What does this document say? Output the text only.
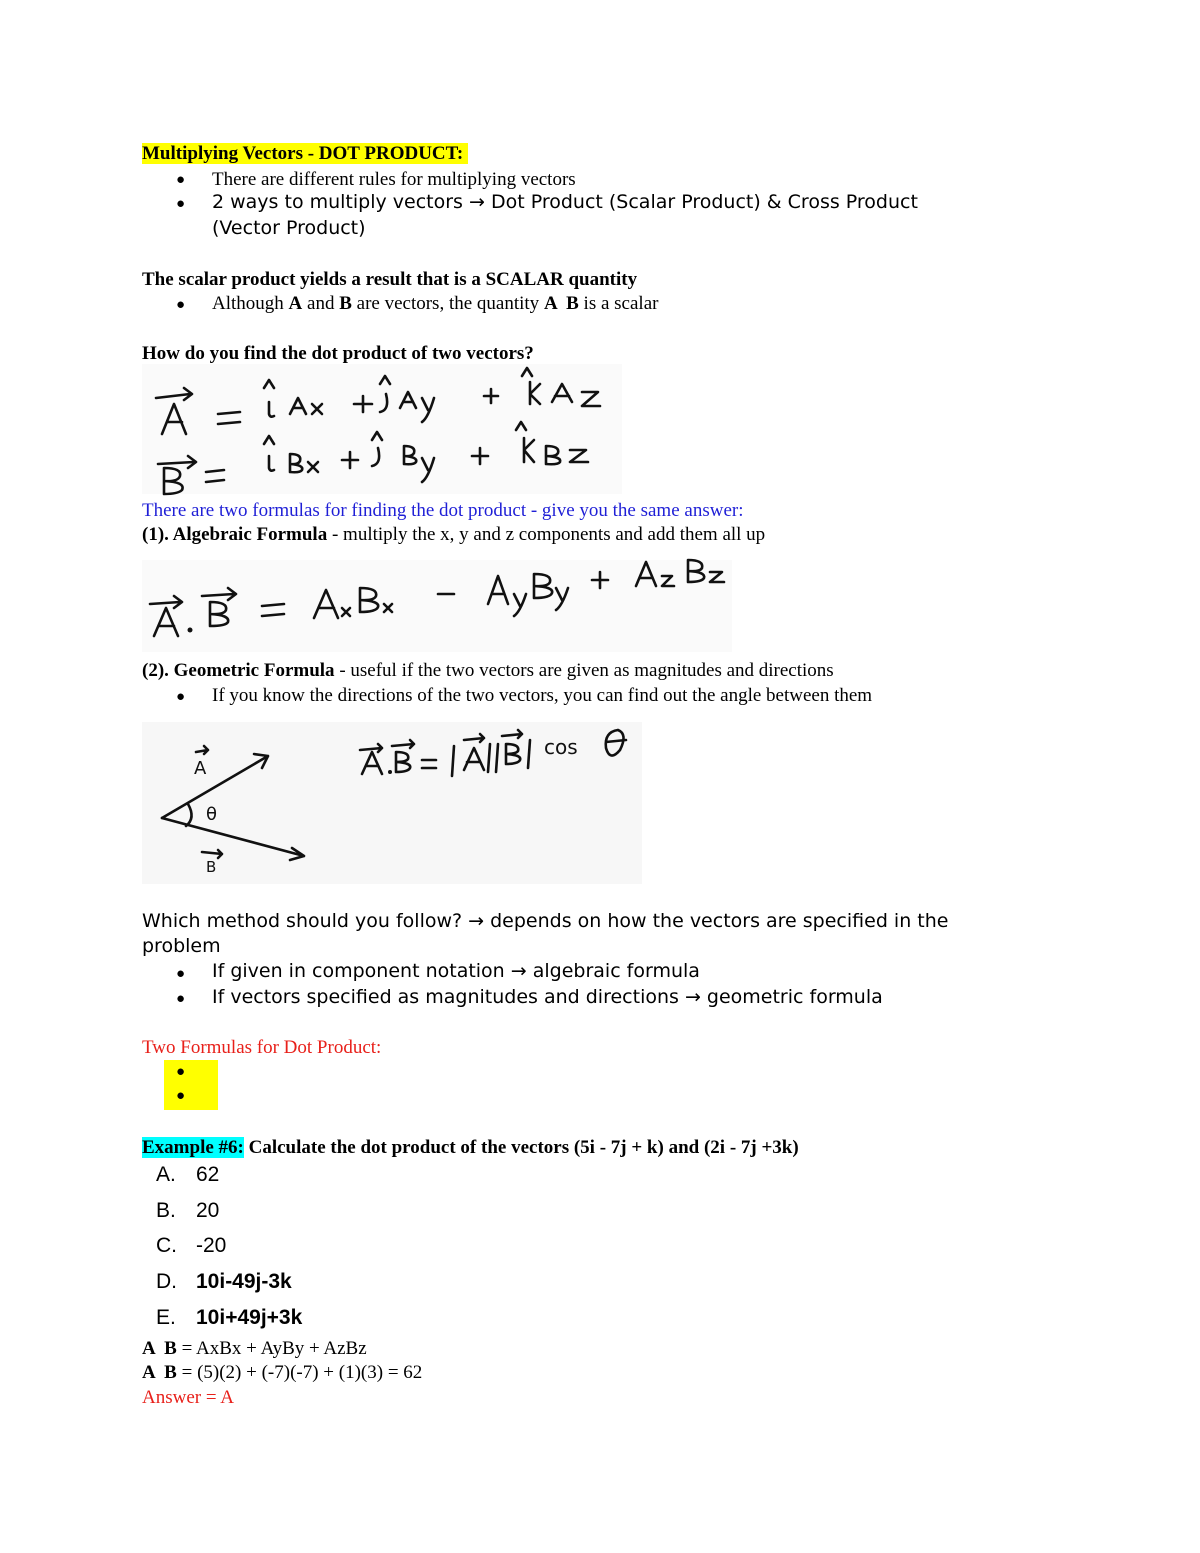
Multiplying Vectors - DOT PRODUCT:
● There are different rules for multiplying vectors
● 2 ways to multiply vectors → Dot Product (Scalar Product) & Cross Product
(Vector Product)
The scalar product yields a result that is a SCALAR quantity
● Although A and B are vectors, the quantity A  B is a scalar
How do you find the dot product of two vectors?
There are two formulas for finding the dot product - give you the same answer:
(1). Algebraic Formula - multiply the x, y and z components and add them all up
(2). Geometric Formula - useful if the two vectors are given as magnitudes and directions
● If you know the directions of the two vectors, you can find out the angle between them
A
θ
B
cos
Which method should you follow? → depends on how the vectors are specified in the
problem
● If given in component notation → algebraic formula
● If vectors specified as magnitudes and directions → geometric formula
Two Formulas for Dot Product:
●
●
Example #6: Calculate the dot product of the vectors (5i - 7j + k) and (2i - 7j +3k)
A. 62
B. 20
C. -20
D. 10i-49j-3k
E. 10i+49j+3k
A  B = AxBx + AyBy + AzBz
A  B = (5)(2) + (-7)(-7) + (1)(3) = 62
Answer = A
